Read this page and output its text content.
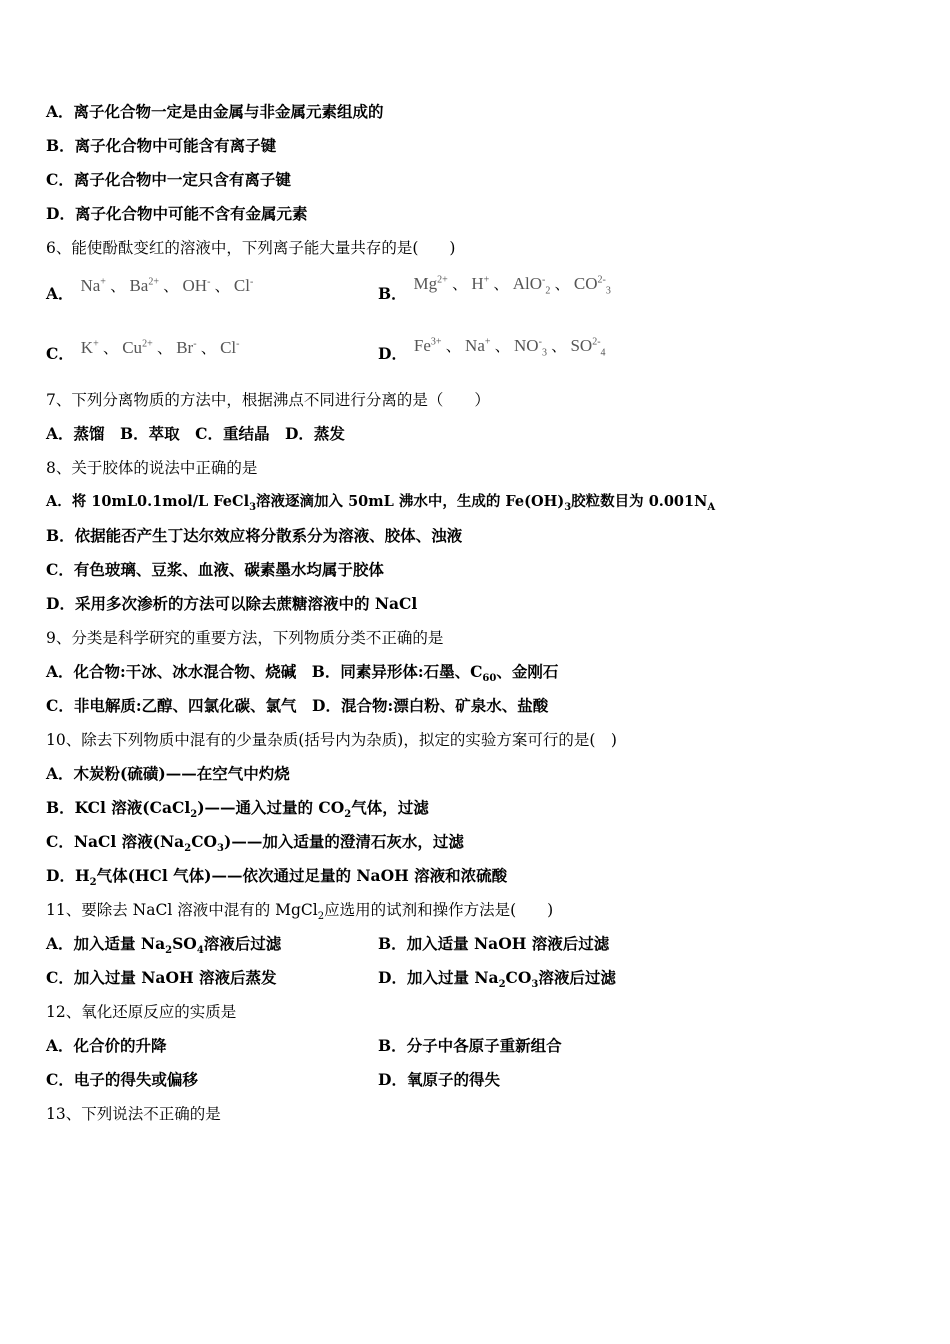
A．离子化合物一定是由金属与非金属元素组成的
B．离子化合物中可能含有离子键
C．离子化合物中一定只含有离子键
D．离子化合物中可能不含有金属元素
6、能使酚酞变红的溶液中，下列离子能大量共存的是(　　)
A． Na+ 、 $Ba^{2+}$ 、 OH- 、 Cl-
B． $Mg^{2+}$ 、 H+ 、 AlO-$_2$ 、 $CO^{2-}_3$
C． K+ 、 $Cu^{2+}$ 、 Br- 、 Cl-
D． $Fe^{3+}$ 、 Na+ 、 $NO^-_3$ 、 $SO^{2-}_4$
7、下列分离物质的方法中，根据沸点不同进行分离的是（　　）
A．蒸馏　B．萃取　C．重结晶　D．蒸发
8、关于胶体的说法中正确的是
A．将 10mL0.1mol/L FeCl$_3$溶液逐滴加入 50mL 沸水中，生成的 $Fe(OH)_3$胶粒数目为 $0.001N_A$
B．依据能否产生丁达尔效应将分散系分为溶液、胶体、浊液
C．有色玻璃、豆浆、血液、碳素墨水均属于胶体
D．采用多次渗析的方法可以除去蔗糖溶液中的 NaCl
9、分类是科学研究的重要方法，下列物质分类不正确的是
A．化合物:干冰、冰水混合物、烧碱　B．同素异形体:石墨、$C_{60}$、金刚石
C．非电解质:乙醇、四氯化碳、氯气　D．混合物:漂白粉、矿泉水、盐酸
10、除去下列物质中混有的少量杂质(括号内为杂质)，拟定的实验方案可行的是(　)
A．木炭粉(硫磺)——在空气中灼烧
B．KCl 溶液(CaCl$_2$)——通入过量的 $CO_2$气体，过滤
C．NaCl 溶液$(Na_2CO_3)——$加入适量的澄清石灰水，过滤
D．$H_2$气体(HCl 气体)——依次通过足量的 NaOH 溶液和浓硫酸
11、要除去 NaCl 溶液中混有的 MgCl$_2$应选用的试剂和操作方法是(　　)
A．加入适量 $Na_2SO_4$溶液后过滤	B．加入适量 NaOH 溶液后过滤
C．加入过量 NaOH 溶液后蒸发	D．加入过量 $Na_2CO_3$溶液后过滤
12、氧化还原反应的实质是
A．化合价的升降	B．分子中各原子重新组合
C．电子的得失或偏移	D．氧原子的得失
13、下列说法不正确的是
